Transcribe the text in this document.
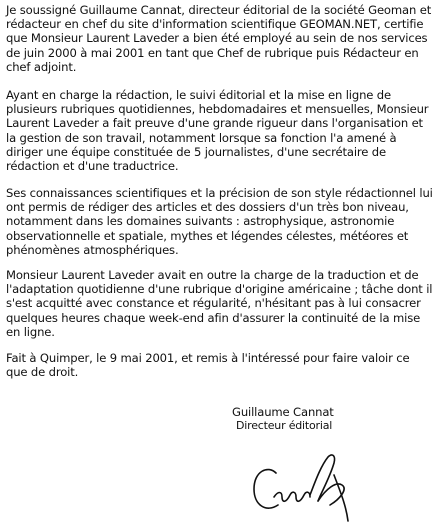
Je soussigné Guillaume Cannat, directeur éditorial de la société Geoman et
rédacteur en chef du site d'information scientifique GEOMAN.NET, certifie
que Monsieur Laurent Laveder a bien été employé au sein de nos services
de juin 2000 à mai 2001 en tant que Chef de rubrique puis Rédacteur en
chef adjoint.

Ayant en charge la rédaction, le suivi éditorial et la mise en ligne de
plusieurs rubriques quotidiennes, hebdomadaires et mensuelles, Monsieur
Laurent Laveder a fait preuve d'une grande rigueur dans l'organisation et
la gestion de son travail, notamment lorsque sa fonction l'a amené à
diriger une équipe constituée de 5 journalistes, d'une secrétaire de
rédaction et d'une traductrice.

Ses connaissances scientifiques et la précision de son style rédactionnel lui
ont permis de rédiger des articles et des dossiers d'un très bon niveau,
notamment dans les domaines suivants : astrophysique, astronomie
observationnelle et spatiale, mythes et légendes célestes, météores et
phénomènes atmosphériques.

Monsieur Laurent Laveder avait en outre la charge de la traduction et de
l'adaptation quotidienne d'une rubrique d'origine américaine ; tâche dont il
s'est acquitté avec constance et régularité, n'hésitant pas à lui consacrer
quelques heures chaque week-end afin d'assurer la continuité de la mise
en ligne.

Fait à Quimper, le 9 mai 2001, et remis à l'intéressé pour faire valoir ce
que de droit.

Guillaume Cannat
Directeur éditorial
